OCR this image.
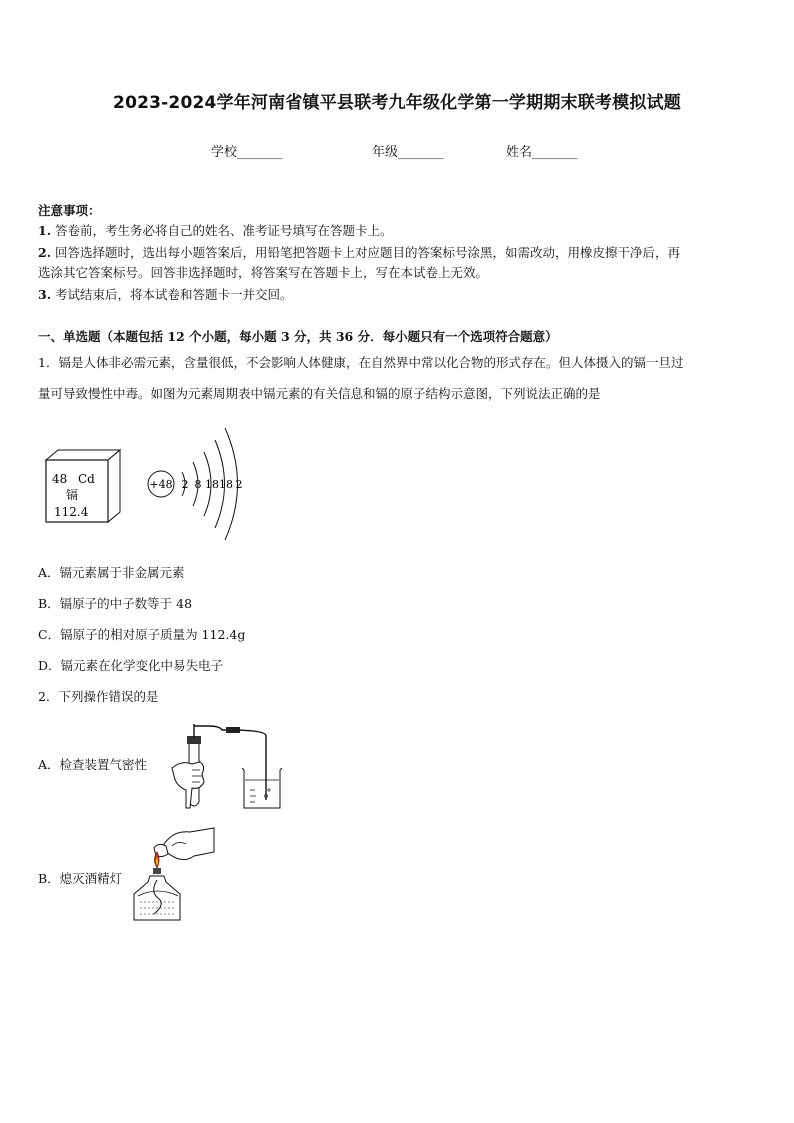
2023-2024学年河南省镇平县联考九年级化学第一学期期末联考模拟试题
学校_______	年级_______	姓名_______
注意事项：
1. 答卷前，考生务必将自己的姓名、准考证号填写在答题卡上。
2. 回答选择题时，选出每小题答案后，用铅笔把答题卡上对应题目的答案标号涂黑，如需改动，用橡皮擦干净后，再
选涂其它答案标号。回答非选择题时，将答案写在答题卡上，写在本试卷上无效。
3. 考试结束后，将本试卷和答题卡一并交回。
一、单选题（本题包括 12 个小题，每小题 3 分，共 36 分．每小题只有一个选项符合题意）
1．镉是人体非必需元素，含量很低，不会影响人体健康，在自然界中常以化合物的形式存在。但人体摄入的镉一旦过
量可导致慢性中毒。如图为元素周期表中镉元素的有关信息和镉的原子结构示意图，下列说法正确的是
48 Cd
镉
112.4
+48 2 8 18 18 2
A．镉元素属于非金属元素
B．镉原子的中子数等于 48
C．镉原子的相对原子质量为 112.4g
D．镉元素在化学变化中易失电子
2．下列操作错误的是
A．检查装置气密性
B．熄灭酒精灯
